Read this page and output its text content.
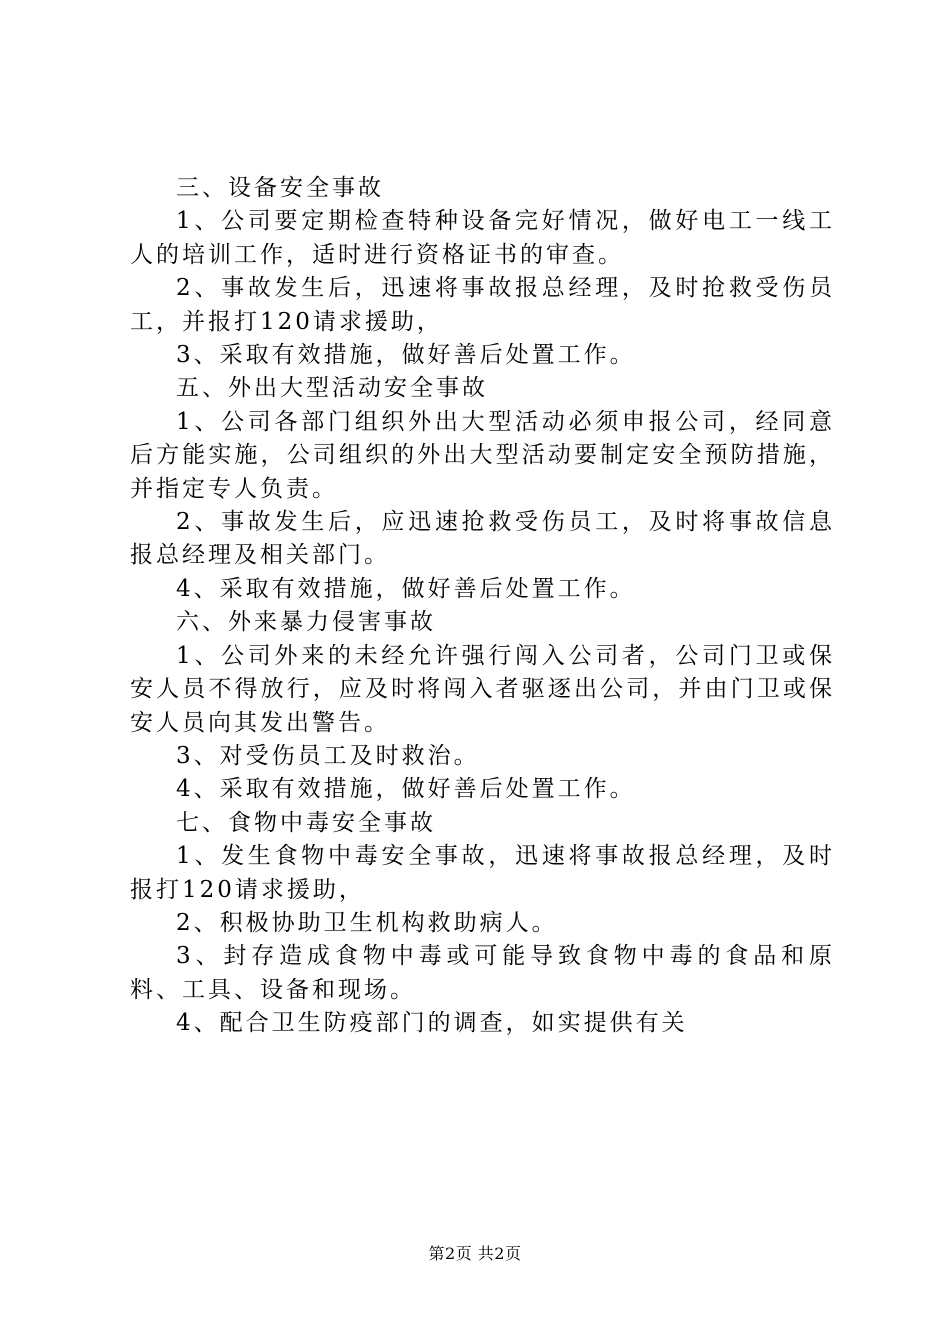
三、设备安全事故

1、公司要定期检查特种设备完好情况，做好电工一线工人的培训工作，适时进行资格证书的审查。

2、事故发生后，迅速将事故报总经理，及时抢救受伤员工，并报打120请求援助，

3、采取有效措施，做好善后处置工作。

五、外出大型活动安全事故

1、公司各部门组织外出大型活动必须申报公司，经同意后方能实施，公司组织的外出大型活动要制定安全预防措施，并指定专人负责。

2、事故发生后，应迅速抢救受伤员工，及时将事故信息报总经理及相关部门。

4、采取有效措施，做好善后处置工作。

六、外来暴力侵害事故

1、公司外来的未经允许强行闯入公司者，公司门卫或保安人员不得放行，应及时将闯入者驱逐出公司，并由门卫或保安人员向其发出警告。

3、对受伤员工及时救治。

4、采取有效措施，做好善后处置工作。

七、食物中毒安全事故

1、发生食物中毒安全事故，迅速将事故报总经理，及时报打120请求援助，

2、积极协助卫生机构救助病人。

3、封存造成食物中毒或可能导致食物中毒的食品和原料、工具、设备和现场。

4、配合卫生防疫部门的调查，如实提供有关

第2页 共2页
